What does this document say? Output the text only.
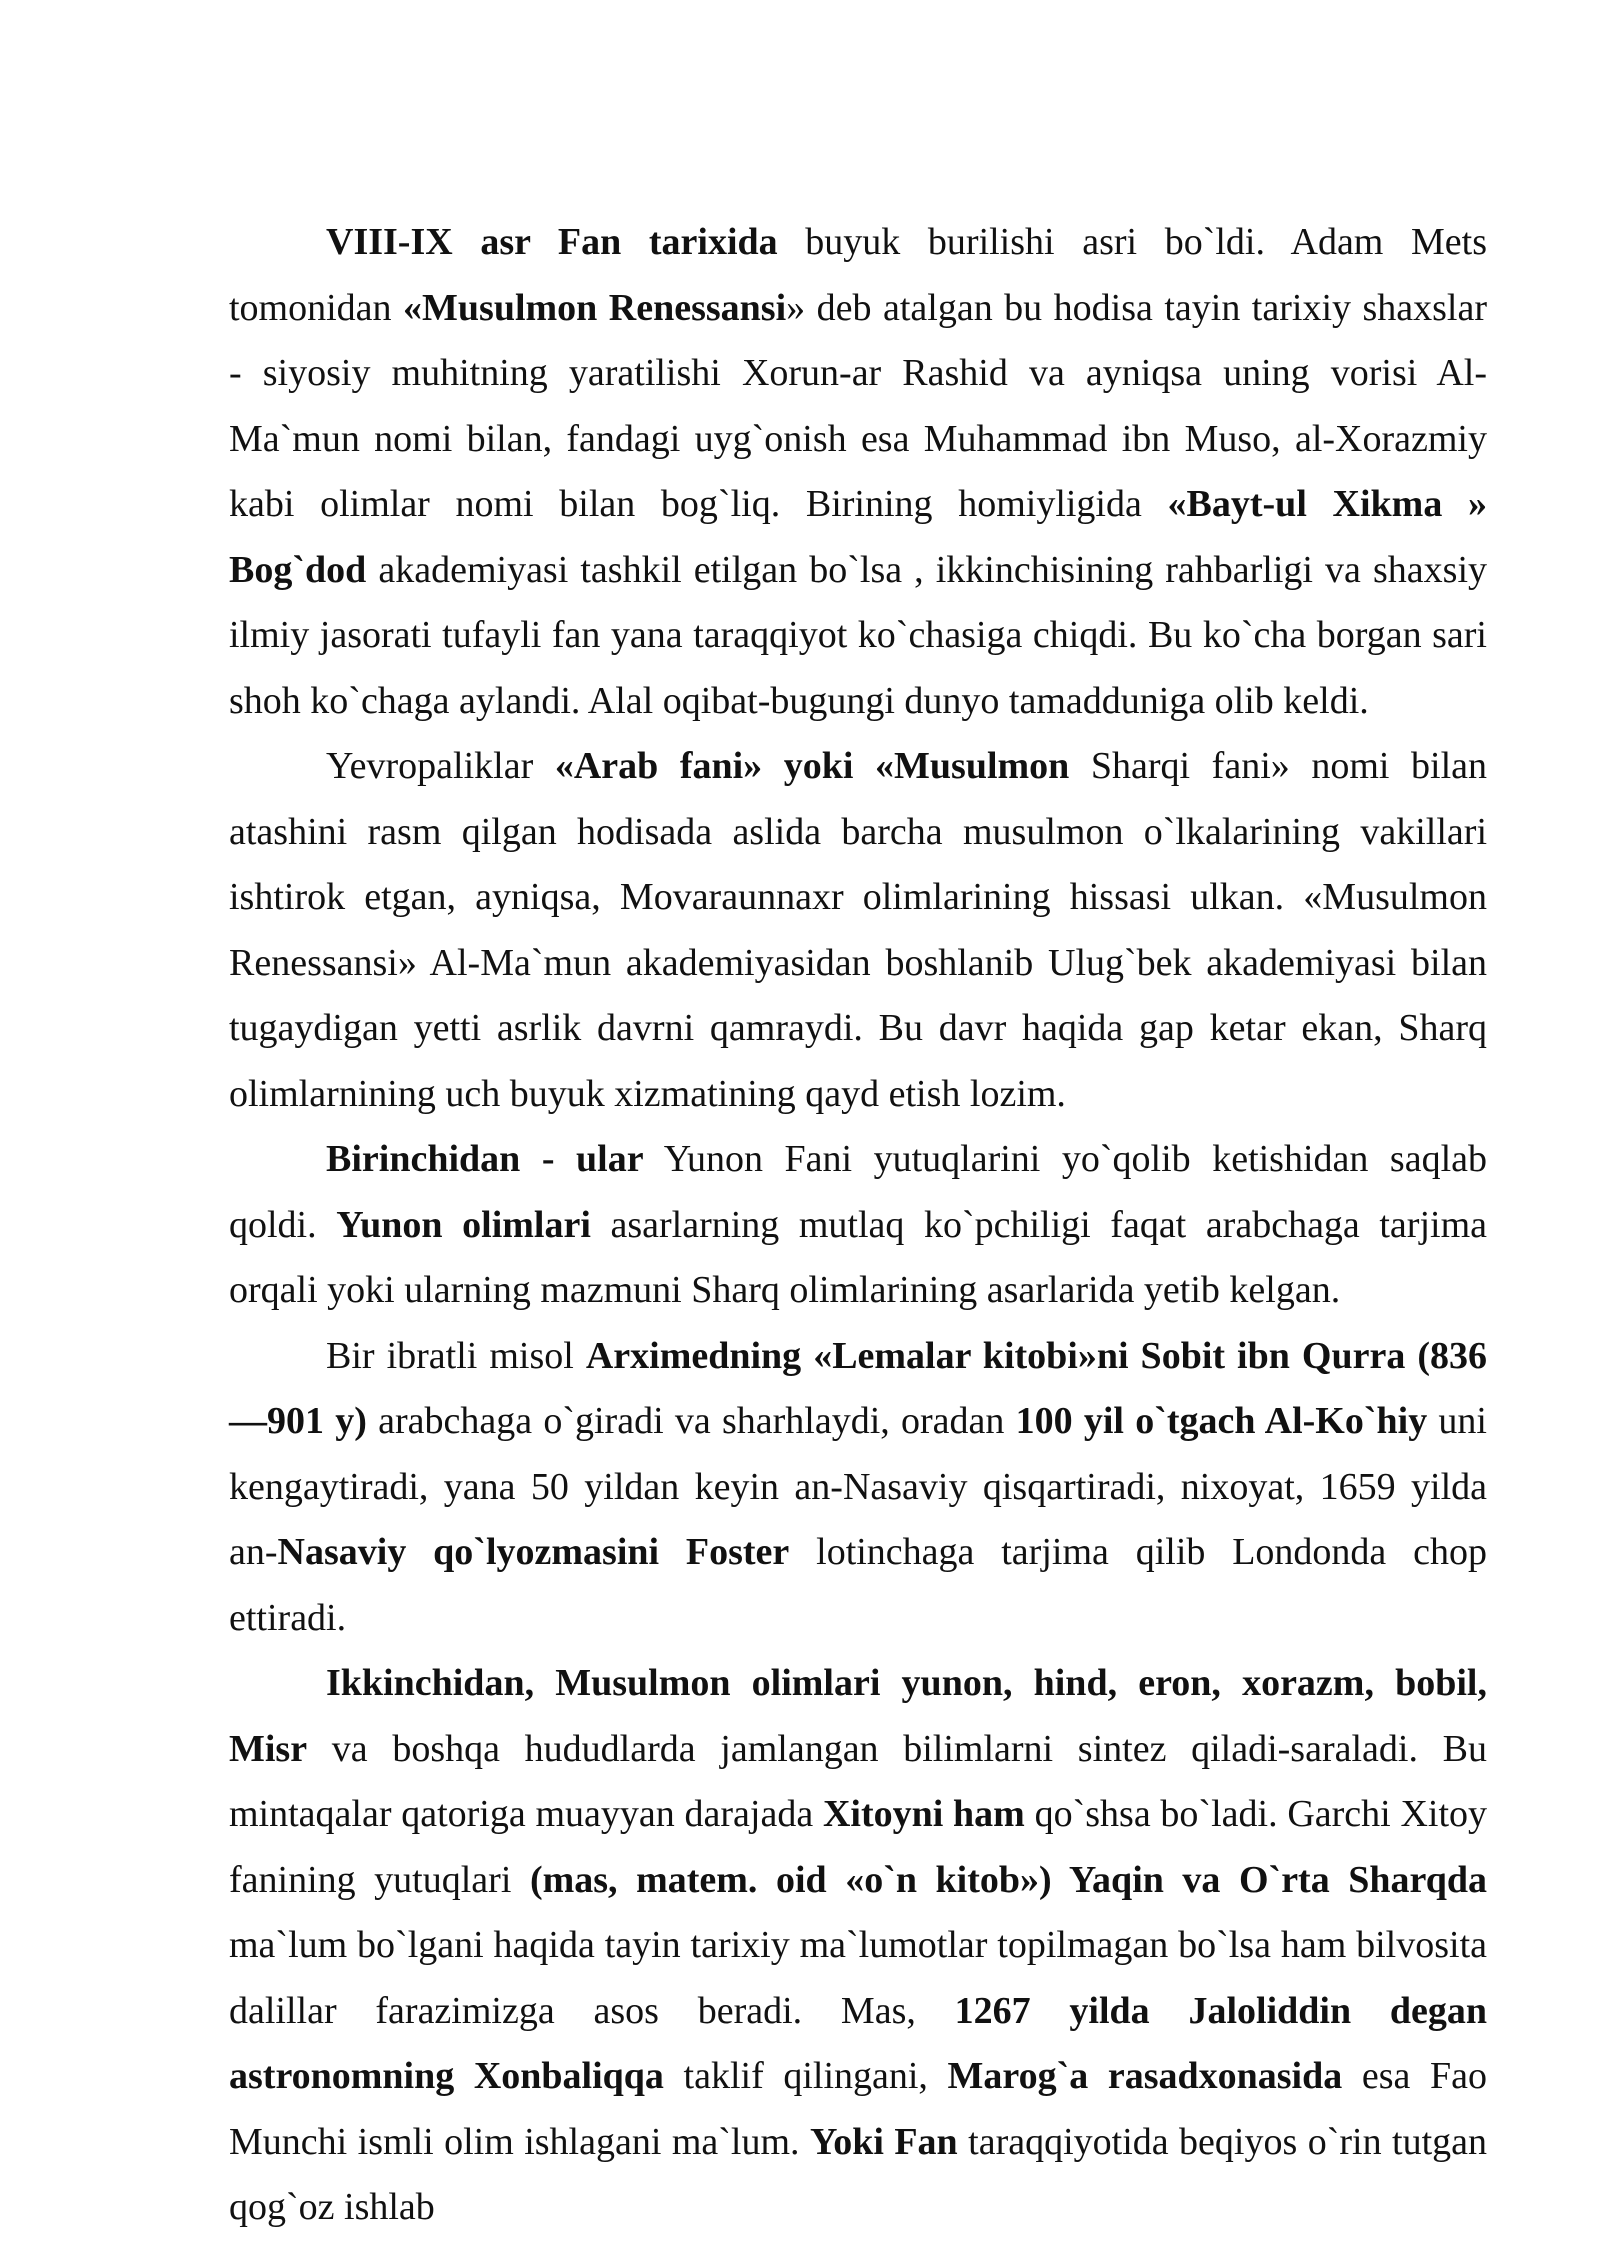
VIII-IX asr Fan tarixida buyuk burilishi asri bo`ldi. Adam Mets tomonidan «Musulmon Renessansi» deb atalgan bu hodisa tayin tarixiy shaxslar - siyosiy muhitning yaratilishi Xorun-ar Rashid va ayniqsa uning vorisi Al-Ma`mun nomi bilan, fandagi uyg`onish esa Muhammad ibn Muso, al-Xorazmiy kabi olimlar nomi bilan bog`liq. Birining homiyligida «Bayt-ul Xikma » Bog`dod akademiyasi tashkil etilgan bo`lsa , ikkinchisining rahbarligi va shaxsiy ilmiy jasorati tufayli fan yana taraqqiyot ko`chasiga chiqdi. Bu ko`cha borgan sari shoh ko`chaga aylandi. Alal oqibat-bugungi dunyo tamadduniga olib keldi.

Yevropaliklar «Arab fani» yoki «Musulmon Sharqi fani» nomi bilan atashini rasm qilgan hodisada aslida barcha musulmon o`lkalarining vakillari ishtirok etgan, ayniqsa, Movaraunnaxr olimlarining hissasi ulkan. «Musulmon Renessansi» Al-Ma`mun akademiyasidan boshlanib Ulug`bek akademiyasi bilan tugaydigan yetti asrlik davrni qamraydi. Bu davr haqida gap ketar ekan, Sharq olimlarnining uch buyuk xizmatining qayd etish lozim.

Birinchidan - ular Yunon Fani yutuqlarini yo`qolib ketishidan saqlab qoldi. Yunon olimlari asarlarning mutlaq ko`pchiligi faqat arabchaga tarjima orqali yoki ularning mazmuni Sharq olimlarining asarlarida yetib kelgan.

Bir ibratli misol Arximedning «Lemalar kitobi»ni Sobit ibn Qurra (836 —901 y) arabchaga o`giradi va sharhlaydi, oradan 100 yil o`tgach Al-Ko`hiy uni kengaytiradi, yana 50 yildan keyin an-Nasaviy qisqartiradi, nixoyat, 1659 yilda an-Nasaviy qo`lyozmasini Foster lotinchaga tarjima qilib Londonda chop ettiradi.

Ikkinchidan, Musulmon olimlari yunon, hind, eron, xorazm, bobil, Misr va boshqa hududlarda jamlangan bilimlarni sintez qiladi-saraladi. Bu mintaqalar qatoriga muayyan darajada Xitoyni ham qo`shsa bo`ladi. Garchi Xitoy fanining yutuqlari (mas, matem. oid «o`n kitob») Yaqin va O`rta Sharqda ma`lum bo`lgani haqida tayin tarixiy ma`lumotlar topilmagan bo`lsa ham bilvosita dalillar farazimizga asos beradi. Mas, 1267 yilda Jaloliddin degan astronomning Xonbaliqqa taklif qilingani, Marog`a rasadxonasida esa Fao Munchi ismli olim ishlagani ma`lum. Yoki Fan taraqqiyotida beqiyos o`rin tutgan qog`oz ishlab
